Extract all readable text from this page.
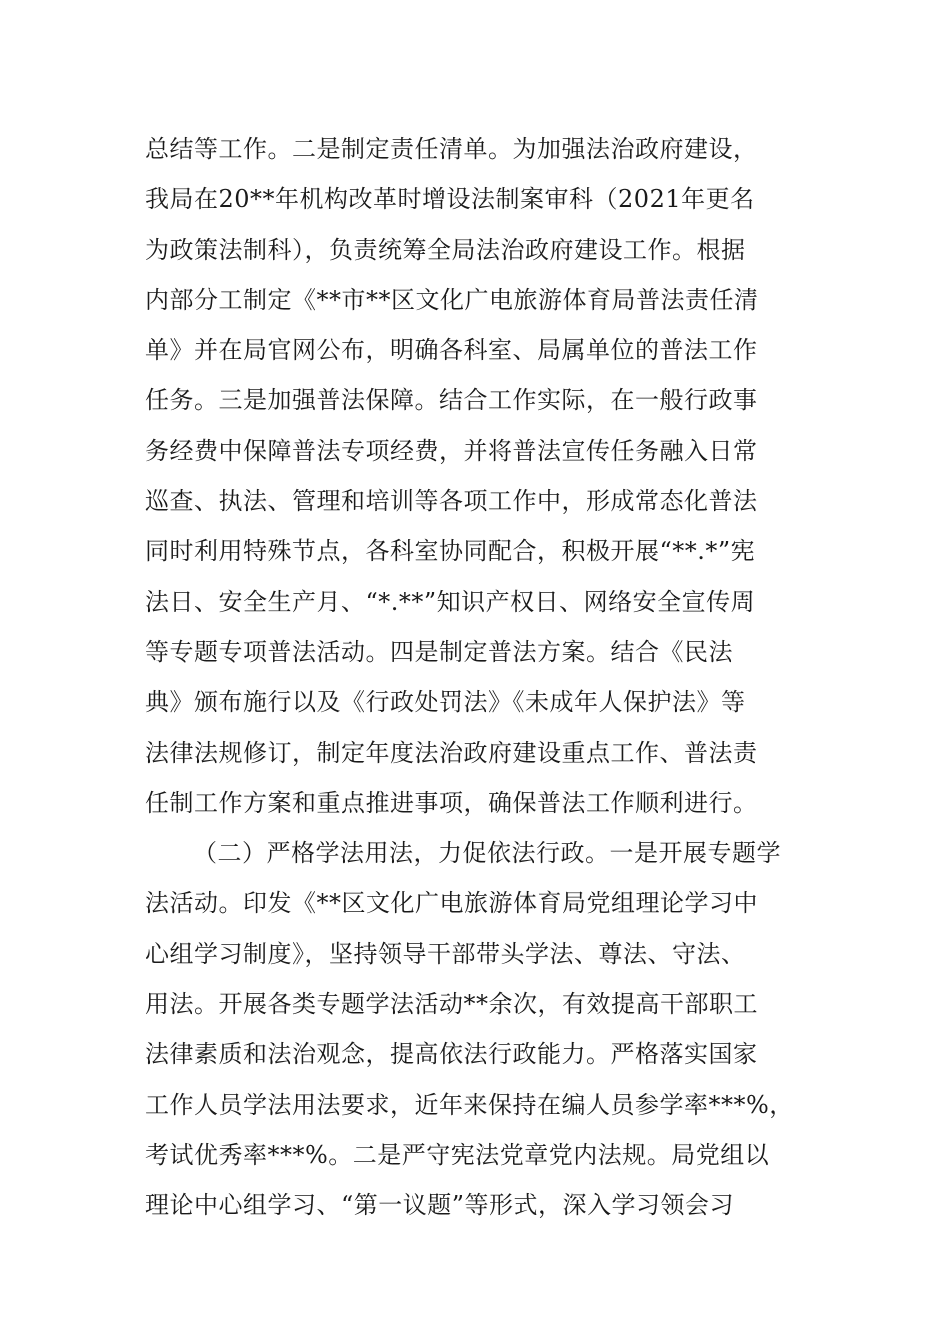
总结等工作。二是制定责任清单。为加强法治政府建设，
我局在20**年机构改革时增设法制案审科（2021年更名
为政策法制科），负责统筹全局法治政府建设工作。根据
内部分工制定《**市**区文化广电旅游体育局普法责任清
单》并在局官网公布，明确各科室、局属单位的普法工作
任务。三是加强普法保障。结合工作实际，在一般行政事
务经费中保障普法专项经费，并将普法宣传任务融入日常
巡查、执法、管理和培训等各项工作中，形成常态化普法
同时利用特殊节点，各科室协同配合，积极开展“**.*”宪
法日、安全生产月、“*.**”知识产权日、网络安全宣传周
等专题专项普法活动。四是制定普法方案。结合《民法
典》颁布施行以及《行政处罚法》《未成年人保护法》等
法律法规修订，制定年度法治政府建设重点工作、普法责
任制工作方案和重点推进事项，确保普法工作顺利进行。
（二）严格学法用法，力促依法行政。一是开展专题学
法活动。印发《**区文化广电旅游体育局党组理论学习中
心组学习制度》，坚持领导干部带头学法、尊法、守法、
用法。开展各类专题学法活动**余次，有效提高干部职工
法律素质和法治观念，提高依法行政能力。严格落实国家
工作人员学法用法要求，近年来保持在编人员参学率***%，
考试优秀率***%。二是严守宪法党章党内法规。局党组以
理论中心组学习、“第一议题”等形式，深入学习领会习
